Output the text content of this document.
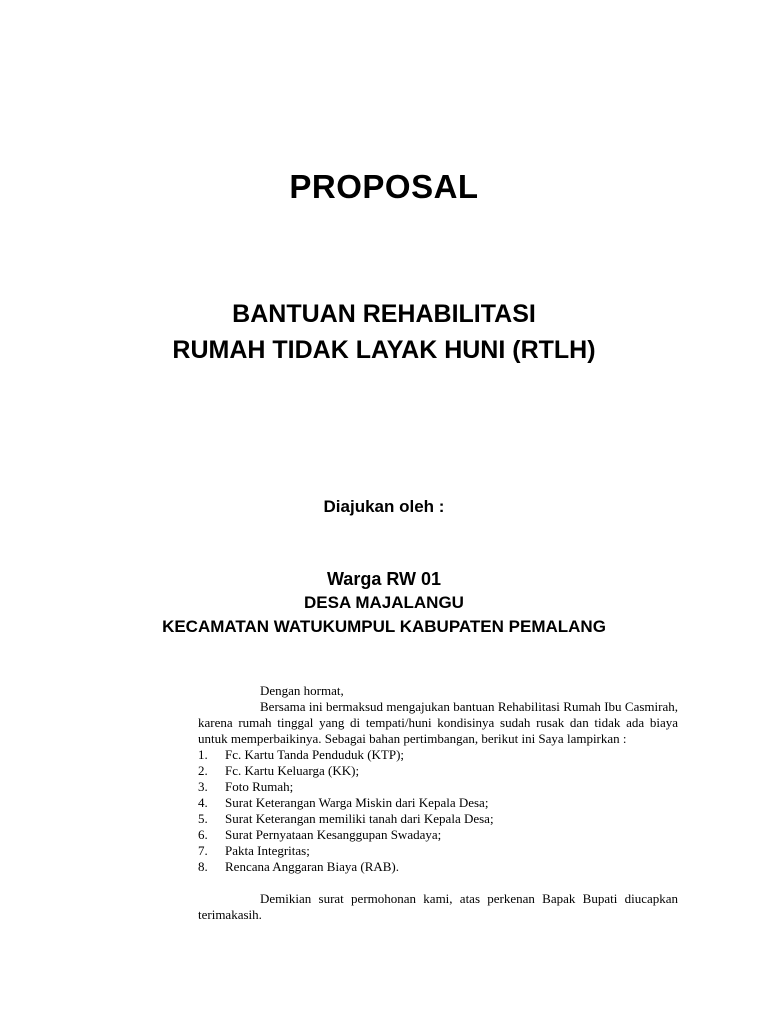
PROPOSAL
BANTUAN REHABILITASI
RUMAH TIDAK LAYAK HUNI (RTLH)
Diajukan oleh :
Warga RW 01
DESA MAJALANGU
KECAMATAN WATUKUMPUL KABUPATEN PEMALANG
Dengan hormat,
Bersama ini bermaksud mengajukan bantuan Rehabilitasi Rumah Ibu Casmirah, karena rumah tinggal yang di tempati/huni kondisinya sudah rusak dan tidak ada biaya untuk memperbaikinya. Sebagai bahan pertimbangan, berikut ini Saya lampirkan :
1.	Fc. Kartu Tanda Penduduk (KTP);
2.	Fc. Kartu Keluarga (KK);
3.	Foto Rumah;
4.	Surat Keterangan Warga Miskin dari Kepala Desa;
5.	Surat Keterangan memiliki tanah dari Kepala Desa;
6.	Surat Pernyataan Kesanggupan Swadaya;
7.	Pakta Integritas;
8.	Rencana Anggaran Biaya (RAB).
Demikian surat permohonan kami, atas perkenan Bapak Bupati diucapkan terimakasih.
